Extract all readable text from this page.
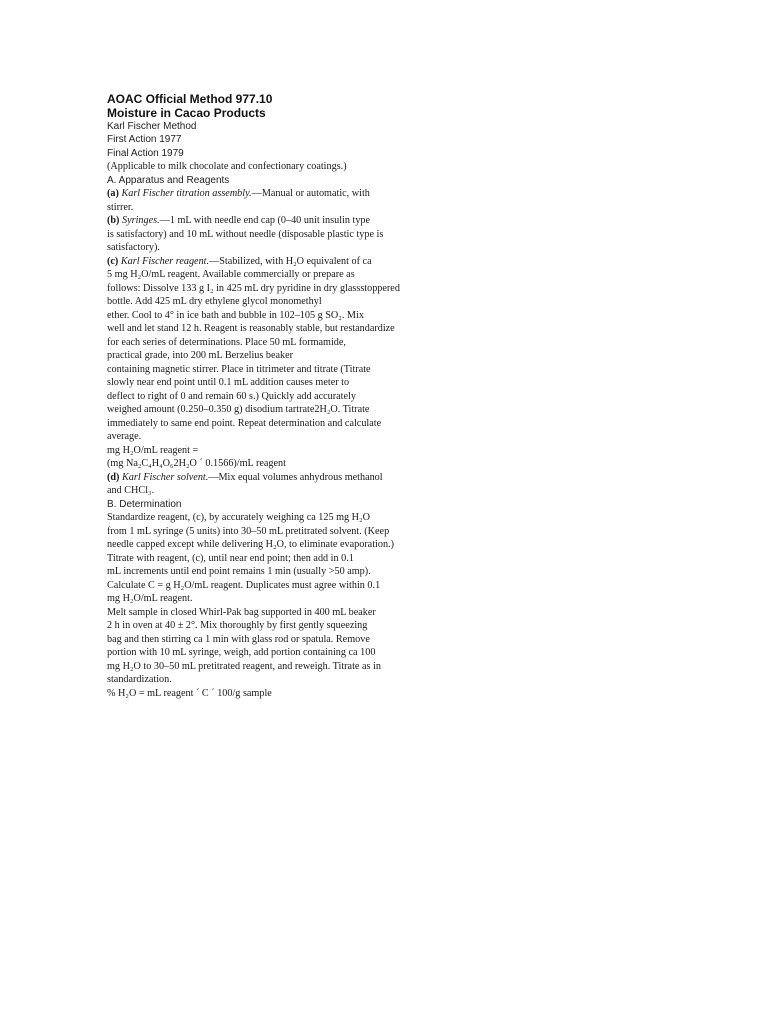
AOAC Official Method 977.10
Moisture in Cacao Products
Karl Fischer Method
First Action 1977
Final Action 1979
(Applicable to milk chocolate and confectionary coatings.)
A. Apparatus and Reagents
(a) Karl Fischer titration assembly.—Manual or automatic, with
stirrer.
(b) Syringes.—1 mL with needle end cap (0–40 unit insulin type
is satisfactory) and 10 mL without needle (disposable plastic type is
satisfactory).
(c) Karl Fischer reagent.—Stabilized, with H₂O equivalent of ca
5 mg H₂O/mL reagent. Available commercially or prepare as
follows: Dissolve 133 g I₂ in 425 mL dry pyridine in dry glassstoppered
bottle. Add 425 mL dry ethylene glycol monomethyl
ether. Cool to 4° in ice bath and bubble in 102–105 g SO₂. Mix
well and let stand 12 h. Reagent is reasonably stable, but restandardize
for each series of determinations. Place 50 mL formamide,
practical grade, into 200 mL Berzelius beaker
containing magnetic stirrer. Place in titrimeter and titrate (Titrate
slowly near end point until 0.1 mL addition causes meter to
deflect to right of 0 and remain 60 s.) Quickly add accurately
weighed amount (0.250–0.350 g) disodium tartrate2H₂O. Titrate
immediately to same end point. Repeat determination and calculate
average.
mg H₂O/mL reagent =
(mg Na₂C₄H₄O₆2H₂O ´ 0.1566)/mL reagent
(d) Karl Fischer solvent.—Mix equal volumes anhydrous methanol
and CHCl₃.
B. Determination
Standardize reagent, (c), by accurately weighing ca 125 mg H₂O
from 1 mL syringe (5 units) into 30–50 mL pretitrated solvent. (Keep
needle capped except while delivering H₂O, to eliminate evaporation.)
Titrate with reagent, (c), until near end point; then add in 0.1
mL increments until end point remains 1 min (usually >50 amp).
Calculate C = g H₂O/mL reagent. Duplicates must agree within 0.1
mg H₂O/mL reagent.
Melt sample in closed Whirl-Pak bag supported in 400 mL beaker
2 h in oven at 40 ± 2°. Mix thoroughly by first gently squeezing
bag and then stirring ca 1 min with glass rod or spatula. Remove
portion with 10 mL syringe, weigh, add portion containing ca 100
mg H₂O to 30–50 mL pretitrated reagent, and reweigh. Titrate as in
standardization.
% H₂O = mL reagent ´ C ´ 100/g sample
